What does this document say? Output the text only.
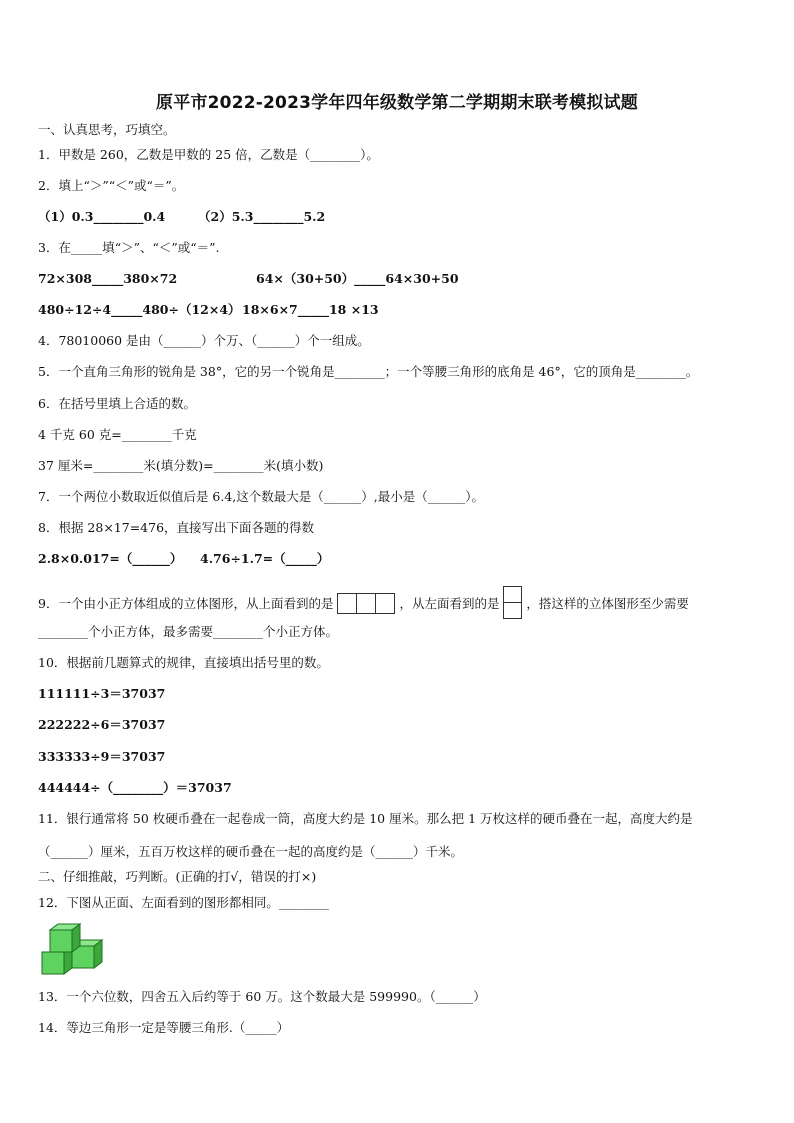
原平市2022-2023学年四年级数学第二学期期末联考模拟试题
一、认真思考，巧填空。
1．甲数是 260，乙数是甲数的 25 倍，乙数是（________）。
2．填上“＞”“＜”或“＝”。
（1）0.3________0.4	（2）5.3________5.2
3．在_____填“＞”、“＜”或“＝”.
72×308_____380×72	64×（30+50）_____64×30+50
480÷12÷4_____480÷（12×4） 18×6×7_____18 ×13
4．78010060 是由（______）个万、（______）个一组成。
5．一个直角三角形的锐角是 38°，它的另一个锐角是________；一个等腰三角形的底角是 46°，它的顶角是________。
6．在括号里填上合适的数。
4 千克 60 克=________千克
37 厘米=________米(填分数)=________米(填小数)
7．一个两位小数取近似值后是 6.4,这个数最大是（______）,最小是（______）。
8．根据 28×17=476，直接写出下面各题的得数
2.8×0.017=（______） 4.76÷1.7=（_____）
9．一个由小正方体组成的立体图形，从上面看到的是	，从左面看到的是 ，搭这样的立体图形至少需要
________个小正方体，最多需要________个小正方体。
10．根据前几题算式的规律，直接填出括号里的数。
111111÷3＝37037
222222÷6＝37037
333333÷9＝37037
444444÷（________）＝37037
11．银行通常将 50 枚硬币叠在一起卷成一筒，高度大约是 10 厘米。那么把 1 万枚这样的硬币叠在一起，高度大约是
（______）厘米，五百万枚这样的硬币叠在一起的高度约是（______）千米。
二、仔细推敲，巧判断。(正确的打√，错误的打×)
12．下图从正面、左面看到的图形都相同。________
13．一个六位数，四舍五入后约等于 60 万。这个数最大是 599990。（______）
14．等边三角形一定是等腰三角形.（_____）
